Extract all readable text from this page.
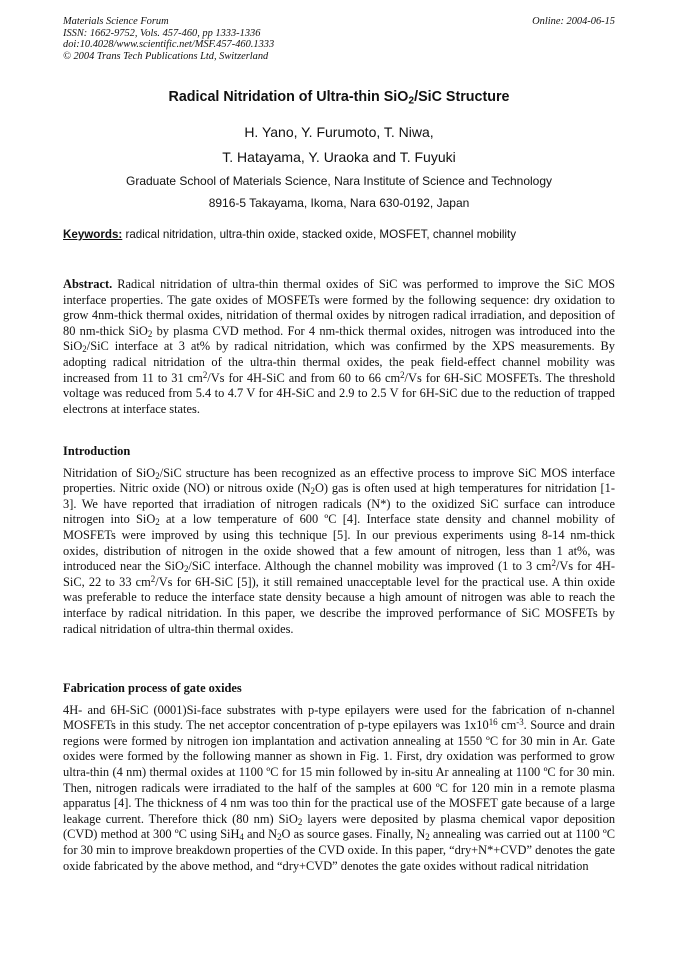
Materials Science Forum
ISSN: 1662-9752, Vols. 457-460, pp 1333-1336
doi:10.4028/www.scientific.net/MSF.457-460.1333
© 2004 Trans Tech Publications Ltd, Switzerland
Online: 2004-06-15
Radical Nitridation of Ultra-thin SiO$_2$/SiC Structure
H. Yano, Y. Furumoto, T. Niwa,
T. Hatayama, Y. Uraoka and T. Fuyuki
Graduate School of Materials Science, Nara Institute of Science and Technology
8916-5 Takayama, Ikoma, Nara 630-0192, Japan
Keywords: radical nitridation, ultra-thin oxide, stacked oxide, MOSFET, channel mobility

Abstract. Radical nitridation of ultra-thin thermal oxides of SiC was performed to improve the SiC MOS interface properties. The gate oxides of MOSFETs were formed by the following sequence: dry oxidation to grow 4nm-thick thermal oxides, nitridation of thermal oxides by nitrogen radical irradiation, and deposition of 80 nm-thick SiO$_2$ by plasma CVD method. For 4 nm-thick thermal oxides, nitrogen was introduced into the SiO$_2$/SiC interface at 3 at% by radical nitridation, which was confirmed by the XPS measurements. By adopting radical nitridation of the ultra-thin thermal oxides, the peak field-effect channel mobility was increased from 11 to 31 $cm^2/Vs$ for 4H-SiC and from 60 to 66 $cm^2/Vs$ for 6H-SiC MOSFETs. The threshold voltage was reduced from 5.4 to 4.7 V for 4H-SiC and 2.9 to 2.5 V for 6H-SiC due to the reduction of trapped electrons at interface states.

Introduction

Nitridation of SiO$_2$/SiC structure has been recognized as an effective process to improve SiC MOS interface properties. Nitric oxide (NO) or nitrous oxide $(N_2O)$ gas is often used at high temperatures for nitridation [1-3]. We have reported that irradiation of nitrogen radicals (N*) to the oxidized SiC surface can introduce nitrogen into SiO$_2$ at a low temperature of 600 ºC [4]. Interface state density and channel mobility of MOSFETs were improved by using this technique [5]. In our previous experiments using 8-14 nm-thick oxides, distribution of nitrogen in the oxide showed that a few amount of nitrogen, less than 1 at%, was introduced near the SiO$_2$/SiC interface. Although the channel mobility was improved (1 to 3 $cm^2/Vs$ for 4H-SiC, 22 to 33 $cm^2/Vs$ for 6H-SiC [5]), it still remained unacceptable level for the practical use. A thin oxide was preferable to reduce the interface state density because a high amount of nitrogen was able to reach the interface by radical nitridation. In this paper, we describe the improved performance of SiC MOSFETs by radical nitridation of ultra-thin thermal oxides.

Fabrication process of gate oxides

4H- and 6H-SiC (0001)Si-face substrates with p-type epilayers were used for the fabrication of n-channel MOSFETs in this study. The net acceptor concentration of p-type epilayers was $1x10^{16}$ $cm^{-3}$. Source and drain regions were formed by nitrogen ion implantation and activation annealing at 1550 ºC for 30 min in Ar. Gate oxides were formed by the following manner as shown in Fig. 1. First, dry oxidation was performed to grow ultra-thin (4 nm) thermal oxides at 1100 ºC for 15 min followed by in-situ Ar annealing at 1100 ºC for 30 min. Then, nitrogen radicals were irradiated to the half of the samples at 600 ºC for 120 min in a remote plasma apparatus [4]. The thickness of 4 nm was too thin for the practical use of the MOSFET gate because of a large leakage current. Therefore thick (80 nm) SiO$_2$ layers were deposited by plasma chemical vapor deposition (CVD) method at 300 ºC using SiH$_4$ and $N_2O$ as source gases. Finally, $N_2$ annealing was carried out at 1100 ºC for 30 min to improve breakdown properties of the CVD oxide. In this paper, “dry+N*+CVD” denotes the gate oxide fabricated by the above method, and “dry+CVD” denotes the gate oxides without radical nitridation
